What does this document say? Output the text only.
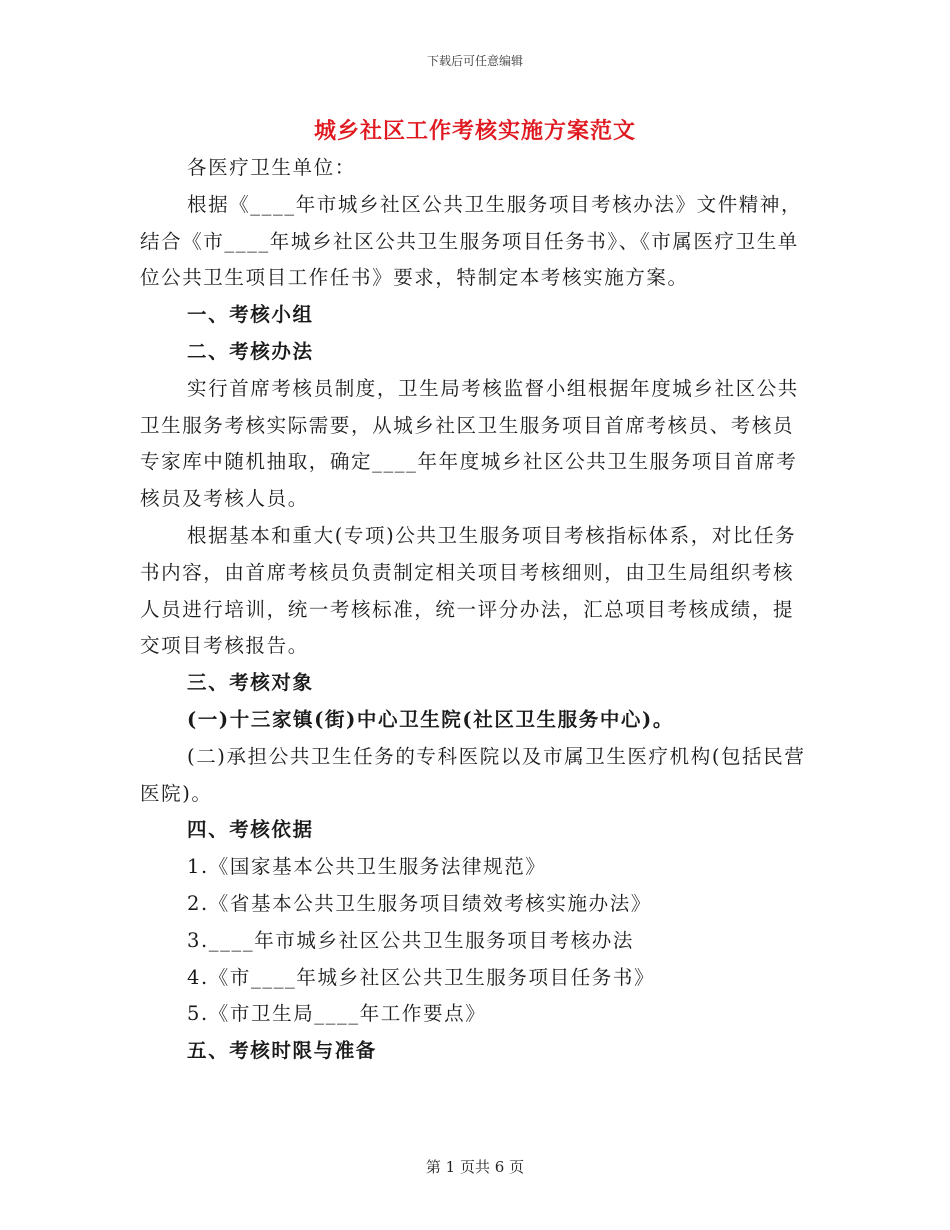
下载后可任意编辑
城乡社区工作考核实施方案范文

各医疗卫生单位：

根据《____年市城乡社区公共卫生服务项目考核办法》文件精神，结合《市____年城乡社区公共卫生服务项目任务书》、《市属医疗卫生单位公共卫生项目工作任书》要求，特制定本考核实施方案。

一、考核小组

二、考核办法

实行首席考核员制度，卫生局考核监督小组根据年度城乡社区公共卫生服务考核实际需要，从城乡社区卫生服务项目首席考核员、考核员专家库中随机抽取，确定____年年度城乡社区公共卫生服务项目首席考核员及考核人员。

根据基本和重大(专项)公共卫生服务项目考核指标体系，对比任务书内容，由首席考核员负责制定相关项目考核细则，由卫生局组织考核人员进行培训，统一考核标准，统一评分办法，汇总项目考核成绩，提交项目考核报告。

三、考核对象

(一)十三家镇(街)中心卫生院(社区卫生服务中心)。

(二)承担公共卫生任务的专科医院以及市属卫生医疗机构(包括民营医院)。

四、考核依据

1.《国家基本公共卫生服务法律规范》

2.《省基本公共卫生服务项目绩效考核实施办法》

3.____年市城乡社区公共卫生服务项目考核办法

4.《市____年城乡社区公共卫生服务项目任务书》

5.《市卫生局____年工作要点》

五、考核时限与准备

第 1 页共 6 页
